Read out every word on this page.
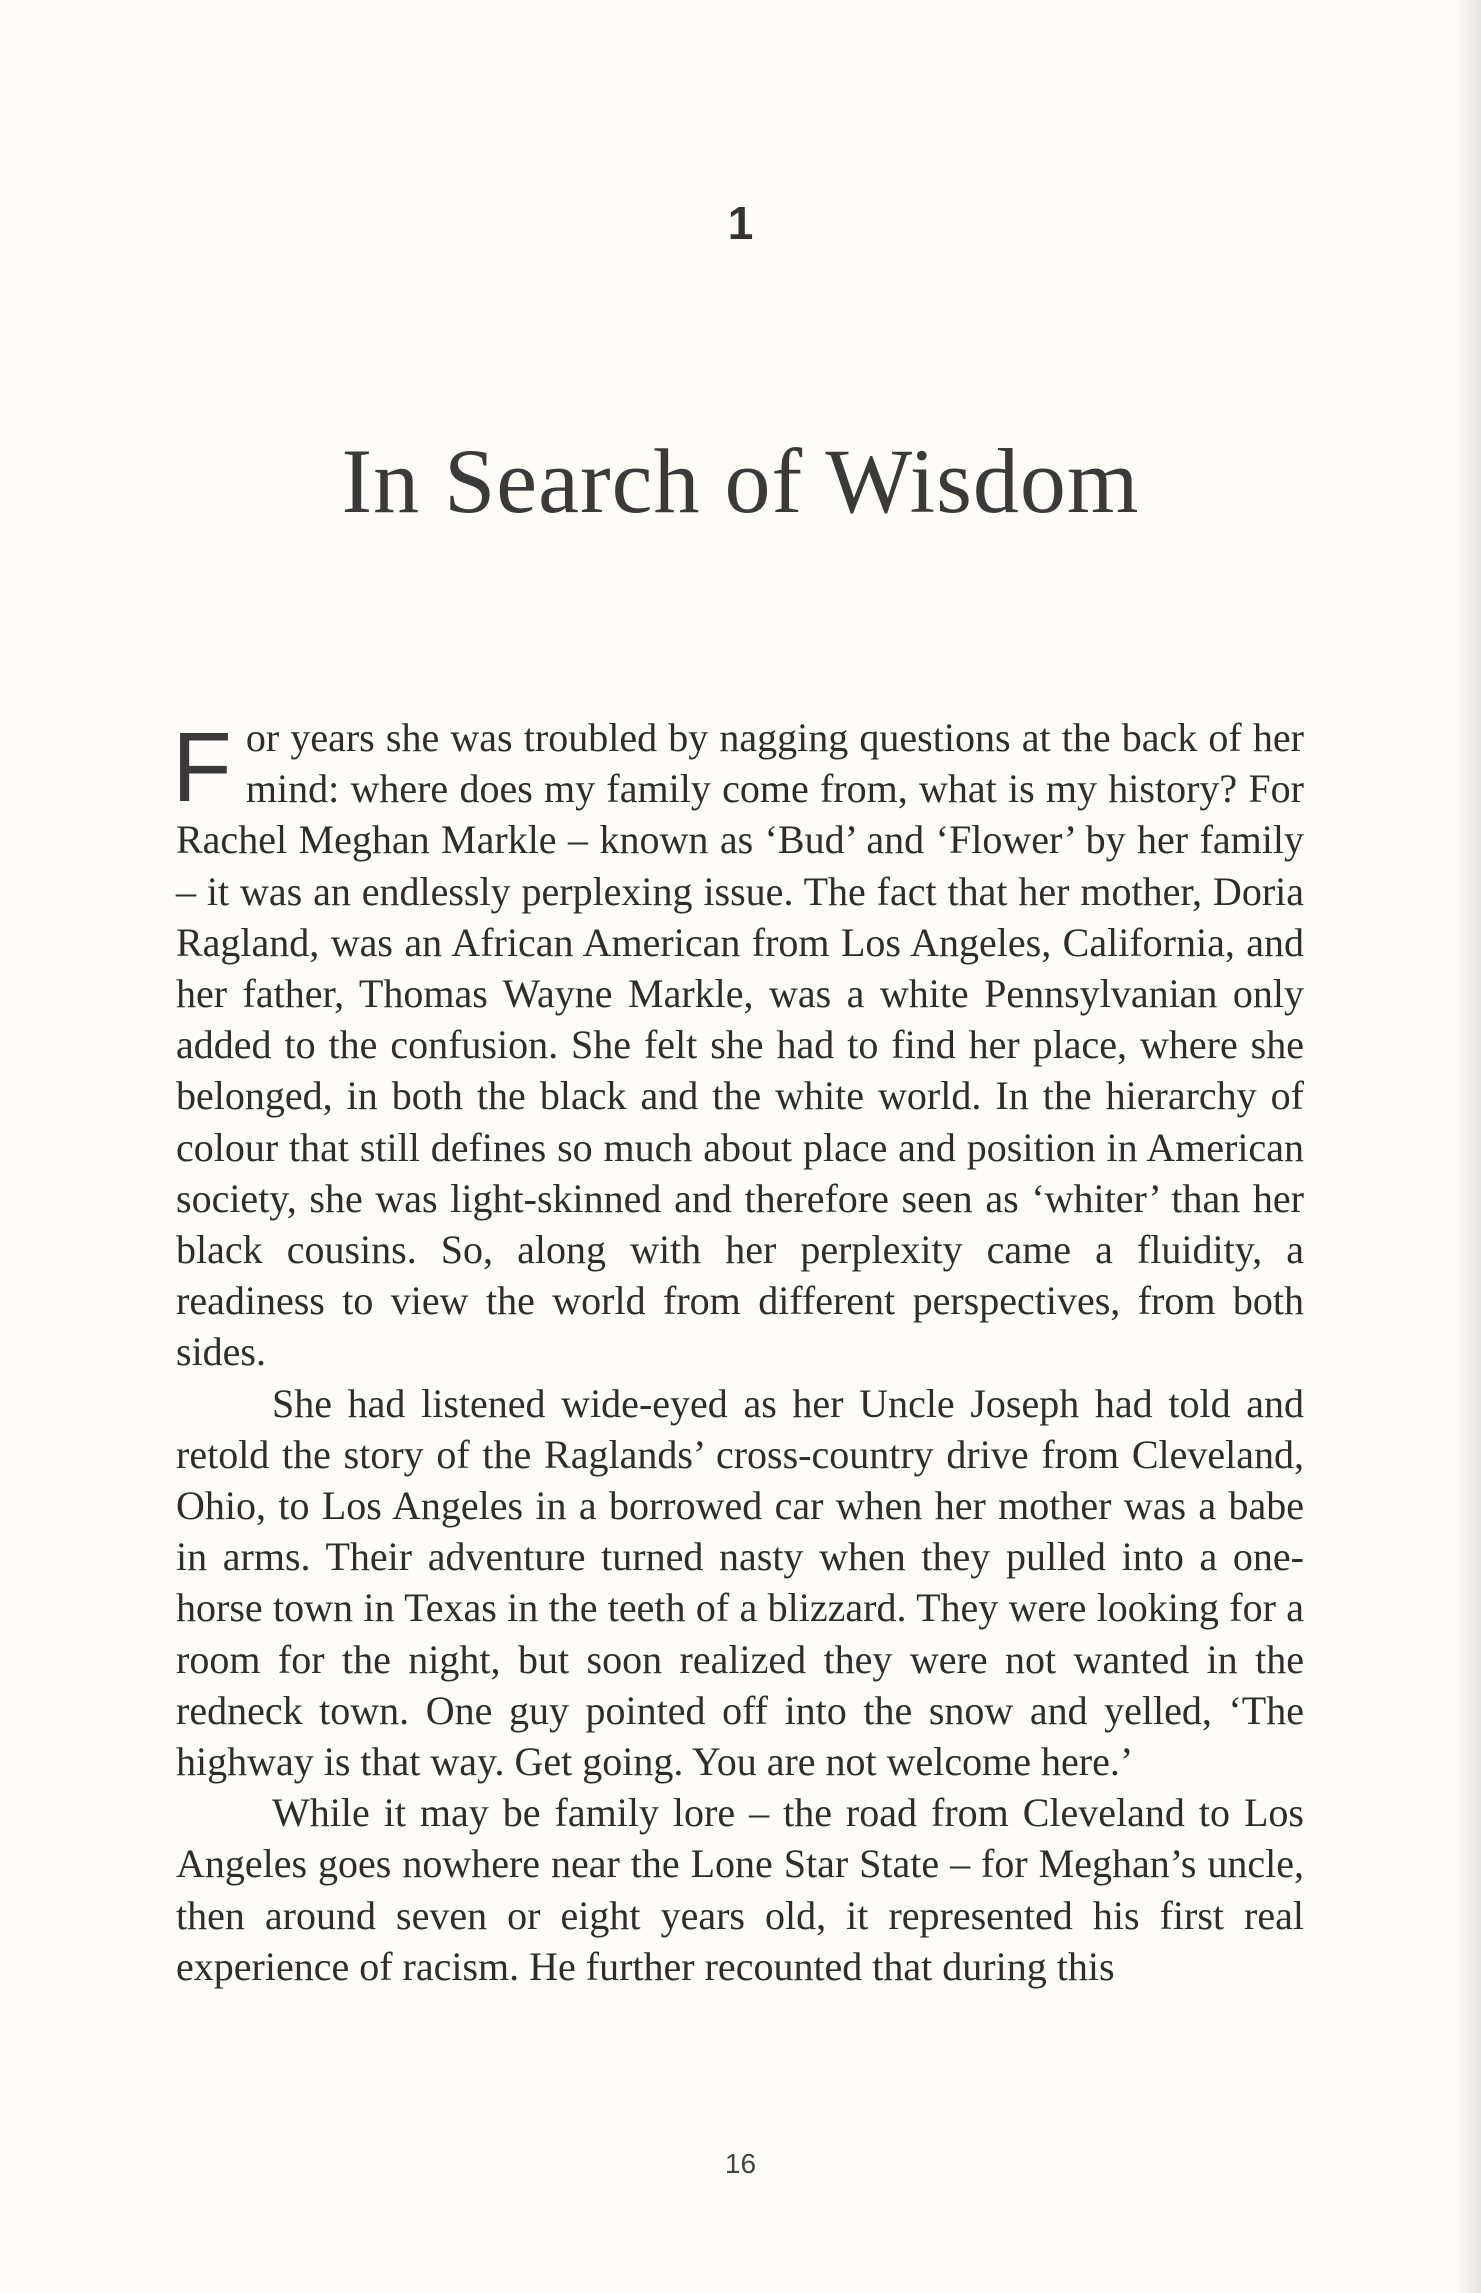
1
In Search of Wisdom

For years she was troubled by nagging questions at the back of her mind: where does my family come from, what is my history? For Rachel Meghan Markle – known as ‘Bud’ and ‘Flower’ by her family – it was an endlessly perplexing issue. The fact that her mother, Doria Ragland, was an African American from Los Angeles, California, and her father, Thomas Wayne Markle, was a white Pennsylvanian only added to the confusion. She felt she had to find her place, where she belonged, in both the black and the white world. In the hierarchy of colour that still defines so much about place and position in American society, she was light-skinned and therefore seen as ‘whiter’ than her black cousins. So, along with her perplexity came a fluidity, a readiness to view the world from different perspectives, from both sides.

She had listened wide-eyed as her Uncle Joseph had told and retold the story of the Raglands’ cross-country drive from Cleveland, Ohio, to Los Angeles in a borrowed car when her mother was a babe in arms. Their adventure turned nasty when they pulled into a one-horse town in Texas in the teeth of a blizzard. They were looking for a room for the night, but soon realized they were not wanted in the redneck town. One guy pointed off into the snow and yelled, ‘The highway is that way. Get going. You are not welcome here.’

While it may be family lore – the road from Cleveland to Los Angeles goes nowhere near the Lone Star State – for Meghan’s uncle, then around seven or eight years old, it represented his first real experience of racism. He further recounted that during this

16
